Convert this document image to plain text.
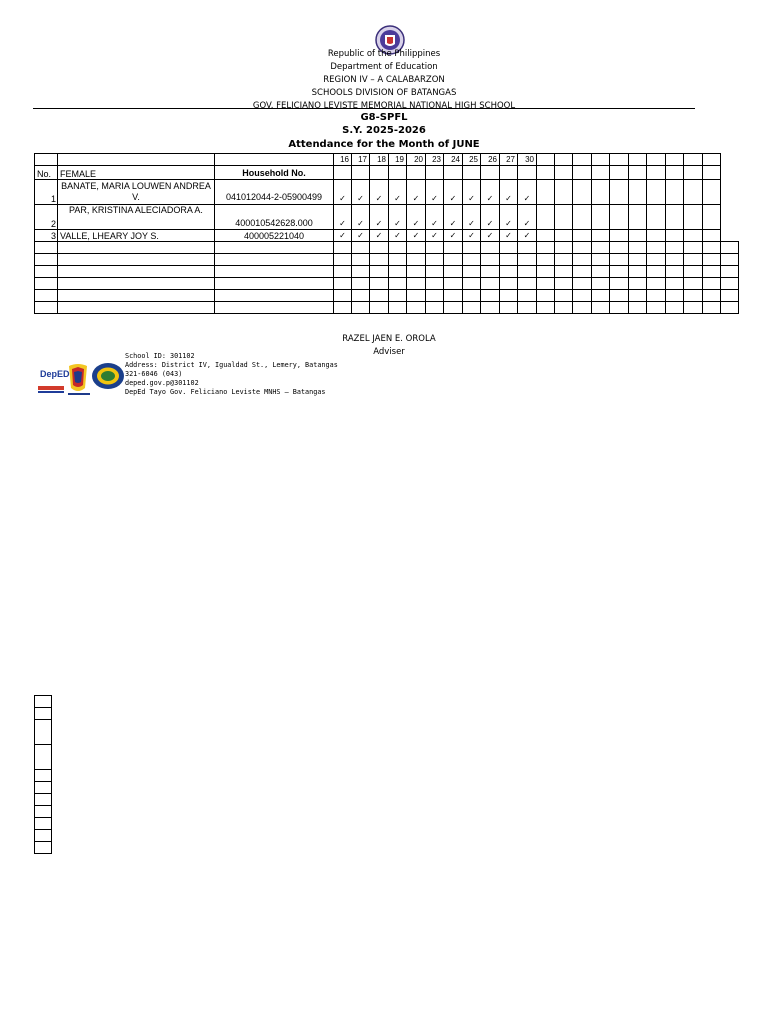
Republic of the Philippines
Department of Education
REGION IV – A CALABARZON
SCHOOLS DIVISION OF BATANGAS
GOV. FELICIANO LEVISTE MEMORIAL NATIONAL HIGH SCHOOL
G8-SPFL
S.Y. 2025-2026
Attendance for the Month of JUNE
			16	17	18	19	20	23	24	25	26	27	30											
No.	FEMALE	Household No.																						
1	BANATE, MARIA LOUWEN ANDREA V.	041012044-2-05900499	✓	✓	✓	✓	✓	✓	✓	✓	✓	✓	✓											
2	PAR, KRISTINA ALECIADORA A.	400010542628.000	✓	✓	✓	✓	✓	✓	✓	✓	✓	✓	✓											
3	VALLE, LHEARY JOY S.	400005221040	✓	✓	✓	✓	✓	✓	✓	✓	✓	✓	✓											

RAZEL JAEN E. OROLA
Adviser
DepED
School ID: 301102
Address: District IV, Igualdad St., Lemery, Batangas
321-6046 (043)
deped.gov.p@301102
DepEd Tayo Gov. Feliciano Leviste MNHS – Batangas
